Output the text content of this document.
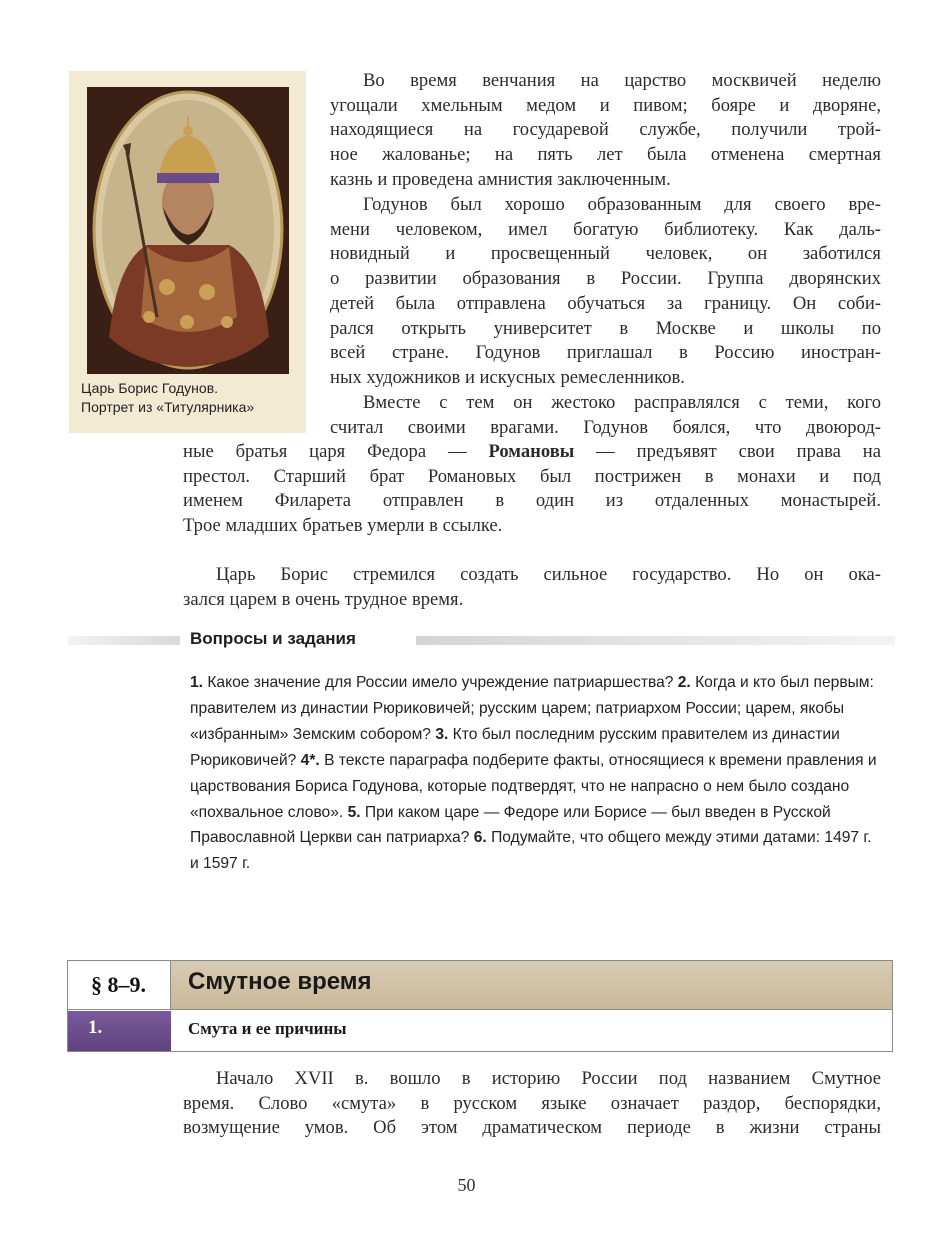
Царь Борис Годунов.
Портрет из «Титулярника»
Во время венчания на царство москвичей неделю
угощали хмельным медом и пивом; бояре и дворяне,
находящиеся на государевой службе, получили трой-
ное жалованье; на пять лет была отменена смертная
казнь и проведена амнистия заключенным.
Годунов был хорошо образованным для своего вре-
мени человеком, имел богатую библиотеку. Как даль-
новидный и просвещенный человек, он заботился
о развитии образования в России. Группа дворянских
детей была отправлена обучаться за границу. Он соби-
рался открыть университет в Москве и школы по
всей стране. Годунов приглашал в Россию иностран-
ных художников и искусных ремесленников.
Вместе с тем он жестоко расправлялся с теми, кого
считал своими врагами. Годунов боялся, что двоюрод-
ные братья царя Федора — Романовы — предъявят свои права на
престол. Старший брат Романовых был пострижен в монахи и под
именем Филарета отправлен в один из отдаленных монастырей.
Трое младших братьев умерли в ссылке.
Царь Борис стремился создать сильное государство. Но он ока-
зался царем в очень трудное время.
Вопросы и задания
1. Какое значение для России имело учреждение патриаршества? 2. Когда и кто был первым: правителем из династии Рюриковичей; русским царем; патриархом России; царем, якобы «избранным» Земским собором? 3. Кто был последним русским правителем из династии Рюриковичей? 4*. В тексте параграфа подберите факты, относящиеся к времени правления и царствования Бориса Годунова, которые подтвердят, что не напрасно о нем было создано «похвальное слово». 5. При каком царе — Федоре или Борисе — был введен в Русской Православной Церкви сан патриарха? 6. Подумайте, что общего между этими датами: 1497 г. и 1597 г.
§ 8–9.	Смутное время
1.	Смута и ее причины
Начало XVII в. вошло в историю России под названием Смутное
время. Слово «смута» в русском языке означает раздор, беспорядки,
возмущение умов. Об этом драматическом периоде в жизни страны
50
